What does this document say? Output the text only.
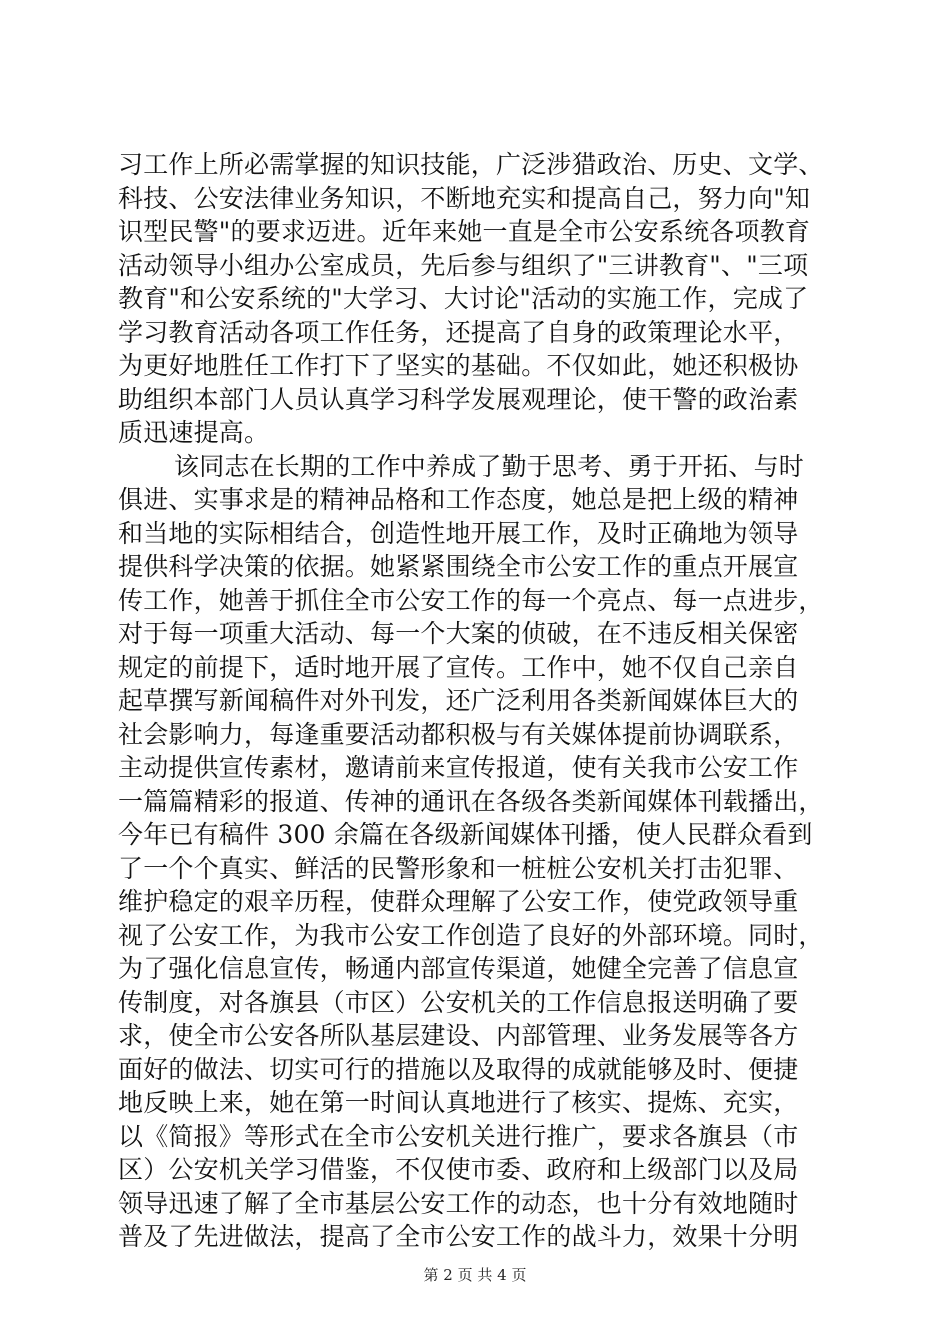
习工作上所必需掌握的知识技能，广泛涉猎政治、历史、文学、
科技、公安法律业务知识，不断地充实和提高自己，努力向"知
识型民警"的要求迈进。近年来她一直是全市公安系统各项教育
活动领导小组办公室成员，先后参与组织了"三讲教育"、"三项
教育"和公安系统的"大学习、大讨论"活动的实施工作，完成了
学习教育活动各项工作任务，还提高了自身的政策理论水平，
为更好地胜任工作打下了坚实的基础。不仅如此，她还积极协
助组织本部门人员认真学习科学发展观理论，使干警的政治素
质迅速提高。
该同志在长期的工作中养成了勤于思考、勇于开拓、与时
俱进、实事求是的精神品格和工作态度，她总是把上级的精神
和当地的实际相结合，创造性地开展工作，及时正确地为领导
提供科学决策的依据。她紧紧围绕全市公安工作的重点开展宣
传工作，她善于抓住全市公安工作的每一个亮点、每一点进步，
对于每一项重大活动、每一个大案的侦破，在不违反相关保密
规定的前提下，适时地开展了宣传。工作中，她不仅自己亲自
起草撰写新闻稿件对外刊发，还广泛利用各类新闻媒体巨大的
社会影响力，每逢重要活动都积极与有关媒体提前协调联系，
主动提供宣传素材，邀请前来宣传报道，使有关我市公安工作
一篇篇精彩的报道、传神的通讯在各级各类新闻媒体刊载播出，
今年已有稿件 300 余篇在各级新闻媒体刊播，使人民群众看到
了一个个真实、鲜活的民警形象和一桩桩公安机关打击犯罪、
维护稳定的艰辛历程，使群众理解了公安工作，使党政领导重
视了公安工作，为我市公安工作创造了良好的外部环境。同时，
为了强化信息宣传，畅通内部宣传渠道，她健全完善了信息宣
传制度，对各旗县（市区）公安机关的工作信息报送明确了要
求，使全市公安各所队基层建设、内部管理、业务发展等各方
面好的做法、切实可行的措施以及取得的成就能够及时、便捷
地反映上来，她在第一时间认真地进行了核实、提炼、充实，
以《简报》等形式在全市公安机关进行推广，要求各旗县（市
区）公安机关学习借鉴，不仅使市委、政府和上级部门以及局
领导迅速了解了全市基层公安工作的动态，也十分有效地随时
普及了先进做法，提高了全市公安工作的战斗力，效果十分明
第 2 页 共 4 页
